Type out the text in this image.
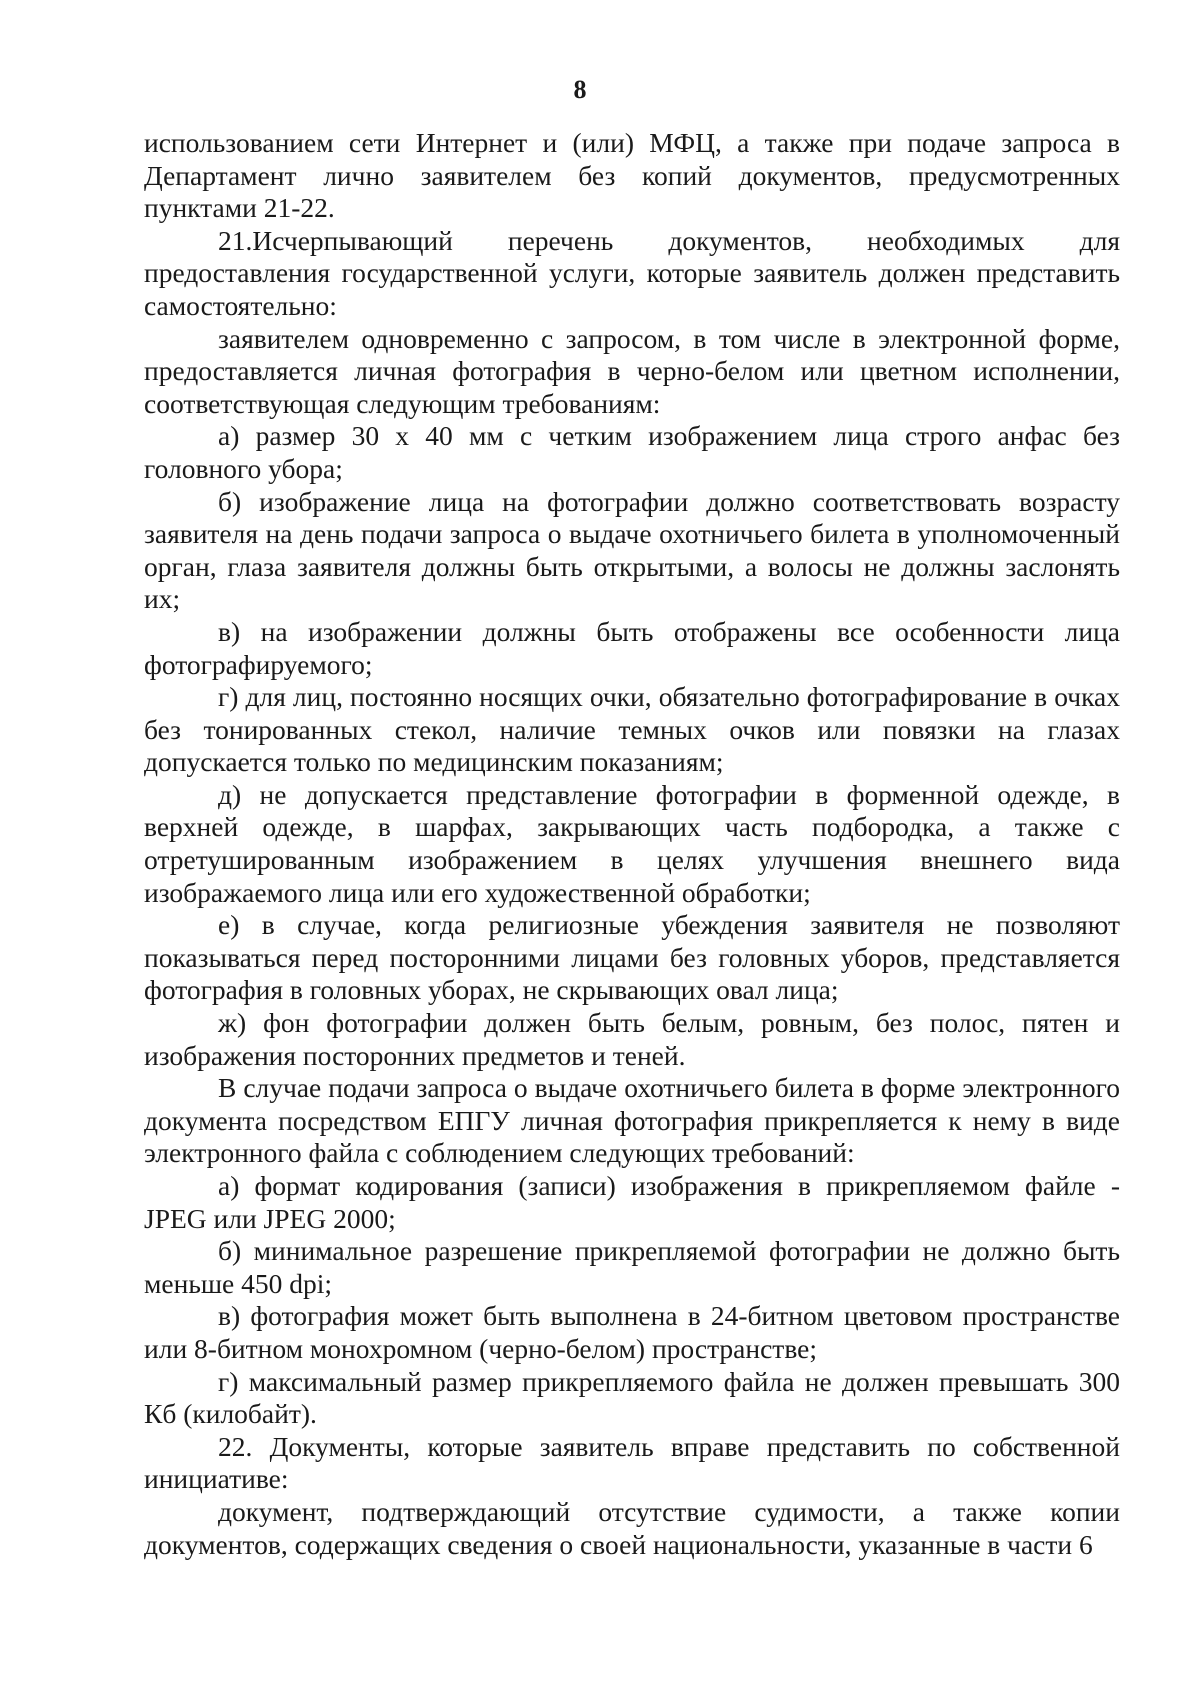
8

использованием сети Интернет и (или) МФЦ, а также при подаче запроса в Департамент лично заявителем без копий документов, предусмотренных пунктами 21-22.

21.Исчерпывающий перечень документов, необходимых для предоставления государственной услуги, которые заявитель должен представить самостоятельно:

заявителем одновременно с запросом, в том числе в электронной форме, предоставляется личная фотография в черно-белом или цветном исполнении, соответствующая следующим требованиям:

а) размер 30 x 40 мм с четким изображением лица строго анфас без головного убора;

б) изображение лица на фотографии должно соответствовать возрасту заявителя на день подачи запроса о выдаче охотничьего билета в уполномоченный орган, глаза заявителя должны быть открытыми, а волосы не должны заслонять их;

в) на изображении должны быть отображены все особенности лица фотографируемого;

г) для лиц, постоянно носящих очки, обязательно фотографирование в очках без тонированных стекол, наличие темных очков или повязки на глазах допускается только по медицинским показаниям;

д) не допускается представление фотографии в форменной одежде, в верхней одежде, в шарфах, закрывающих часть подбородка, а также с отретушированным изображением в целях улучшения внешнего вида изображаемого лица или его художественной обработки;

е) в случае, когда религиозные убеждения заявителя не позволяют показываться перед посторонними лицами без головных уборов, представляется фотография в головных уборах, не скрывающих овал лица;

ж) фон фотографии должен быть белым, ровным, без полос, пятен и изображения посторонних предметов и теней.

В случае подачи запроса о выдаче охотничьего билета в форме электронного документа посредством ЕПГУ личная фотография прикрепляется к нему в виде электронного файла с соблюдением следующих требований:

а) формат кодирования (записи) изображения в прикрепляемом файле - JPEG или JPEG 2000;

б) минимальное разрешение прикрепляемой фотографии не должно быть меньше 450 dpi;

в) фотография может быть выполнена в 24-битном цветовом пространстве или 8-битном монохромном (черно-белом) пространстве;

г) максимальный размер прикрепляемого файла не должен превышать 300 Кб (килобайт).

22. Документы, которые заявитель вправе представить по собственной инициативе:

документ, подтверждающий отсутствие судимости, а также копии документов, содержащих сведения о своей национальности, указанные в части 6
